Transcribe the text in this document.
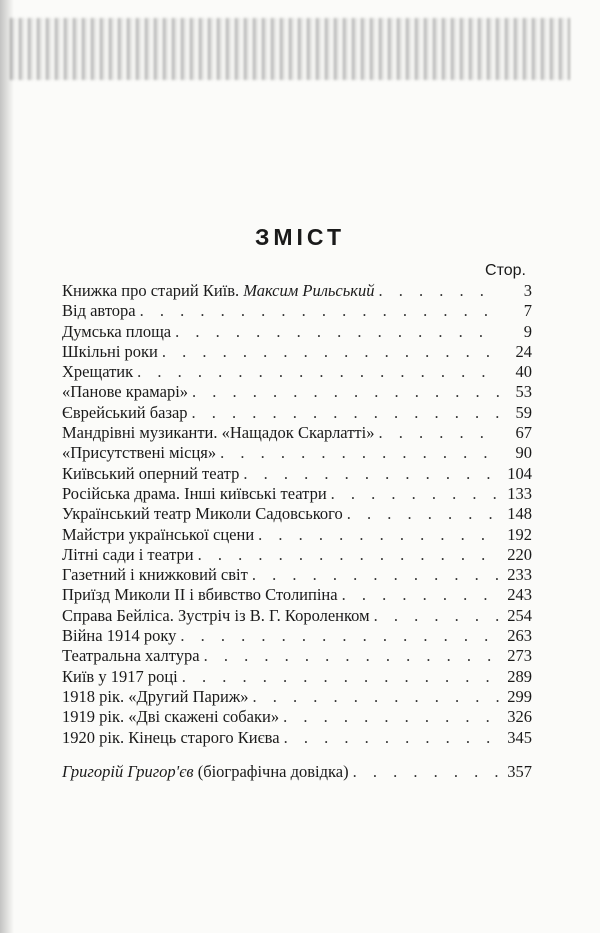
ЗМІСТ
Стор.
Книжка про старий Київ. Максим Рильський . . .	3
Від автора . . .	7
Думська площа . . .	9
Шкільні роки . . .	24
Хрещатик . . .	40
«Панове крамарі» . . .	53
Єврейський базар . . .	59
Мандрівні музиканти. «Нащадок Скарлатті» . . .	67
«Присутствені місця» . . .	90
Київський оперний театр . . .	104
Російська драма. Інші київські театри . . .	133
Український театр Миколи Садовського . . .	148
Майстри української сцени . . .	192
Літні сади і театри . . .	220
Газетний і книжковий світ . . .	233
Приїзд Миколи II і вбивство Столипіна . . .	243
Справа Бейліса. Зустріч із В. Г. Короленком . . .	254
Війна 1914 року . . .	263
Театральна халтура . . .	273
Київ у 1917 році . . .	289
1918 рік. «Другий Париж» . . .	299
1919 рік. «Дві скажені собаки» . . .	326
1920 рік. Кінець старого Києва . . .	345
Григорій Григор'єв (біографічна довідка) . . .	357
